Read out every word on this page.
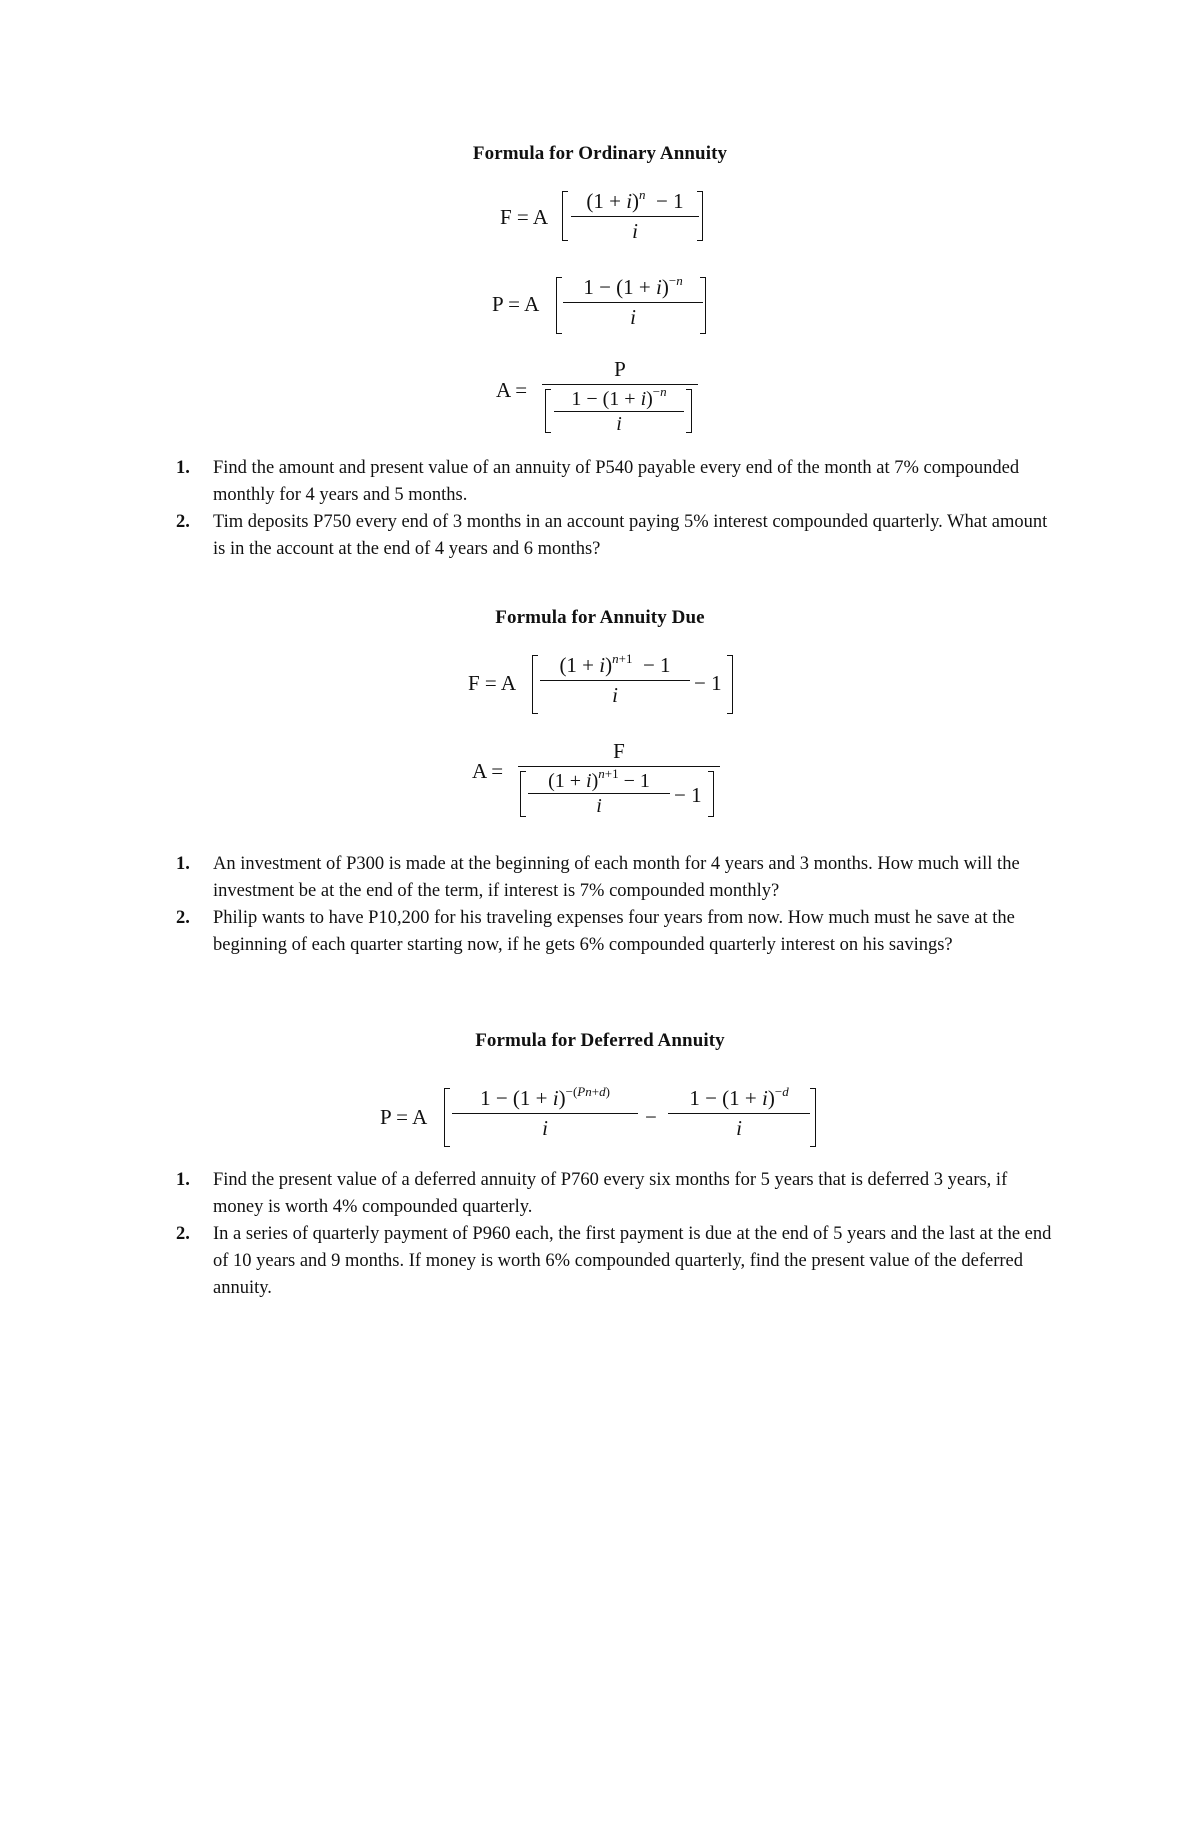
Formula for Ordinary Annuity
F = A
$(1 + i)^n - 1$
i
P = A
$1 - (1 + i)^{-n}$
i
A =
P
$1 - (1 + i)^{-n}$
i
1. Find the amount and present value of an annuity of P540 payable every end of the month at 7% compounded monthly for 4 years and 5 months.
2. Tim deposits P750 every end of 3 months in an account paying 5% interest compounded quarterly. What amount is in the account at the end of 4 years and 6 months?
Formula for Annuity Due
F = A
$(1 + i)^{n+1} - 1$
i	− 1
A =
F
$(1 + i)^{n+1} - 1$
i	− 1
1. An investment of P300 is made at the beginning of each month for 4 years and 3 months. How much will the investment be at the end of the term, if interest is 7% compounded monthly?
2. Philip wants to have P10,200 for his traveling expenses four years from now. How much must he save at the beginning of each quarter starting now, if he gets 6% compounded quarterly interest on his savings?
Formula for Deferred Annuity
P = A
$1 - (1 + i)^{-(Pn+d)}$
i	−
$1 - (1 + i)^{-d}$
i
1. Find the present value of a deferred annuity of P760 every six months for 5 years that is deferred 3 years, if money is worth 4% compounded quarterly.
2. In a series of quarterly payment of P960 each, the first payment is due at the end of 5 years and the last at the end of 10 years and 9 months. If money is worth 6% compounded quarterly, find the present value of the deferred annuity.
